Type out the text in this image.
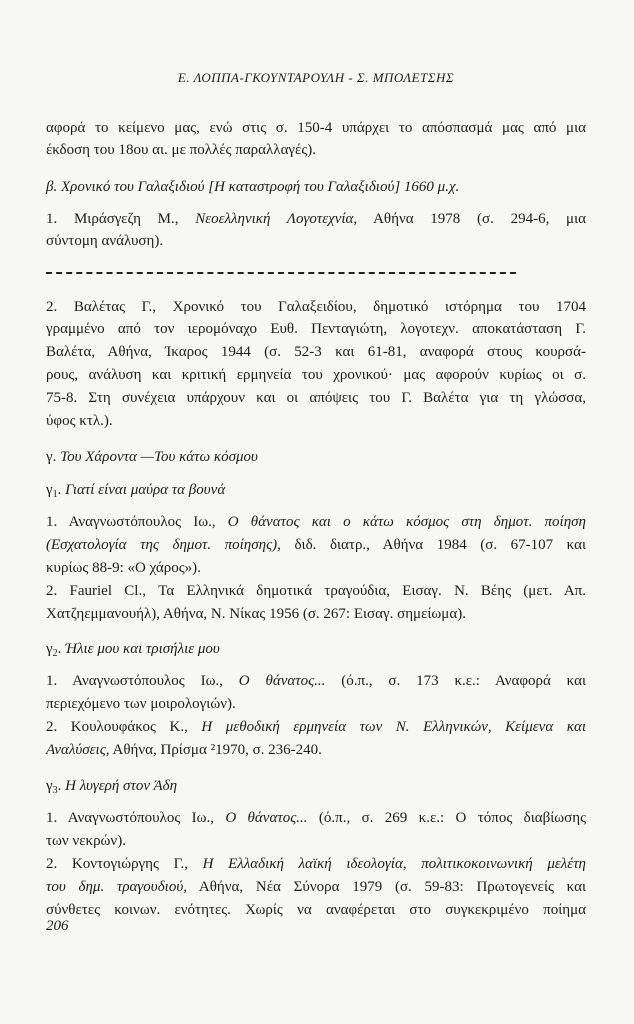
Ε. ΛΟΠΠΑ-ΓΚΟΥΝΤΑΡΟΥΛΗ - Σ. ΜΠΟΛΕΤΣΗΣ
αφορά το κείμενο μας, ενώ στις σ. 150-4 υπάρχει το απόσπασμά μας από μια
έκδοση του 18ου αι. με πολλές παραλλαγές).
β. Χρονικό του Γαλαξιδιού [Η καταστροφή του Γαλαξιδιού] 1660 μ.χ.
1. Μιράσγεζη Μ., Νεοελληνική Λογοτεχνία, Αθήνα 1978 (σ. 294-6, μια
σύντομη ανάλυση).
2. Βαλέτας Γ., Χρονικό του Γαλαξειδίου, δημοτικό ιστόρημα του 1704
γραμμένο από τον ιερομόναχο Ευθ. Πενταγιώτη, λογοτεχν. αποκατάσταση Γ.
Βαλέτα, Αθήνα, Ίκαρος 1944 (σ. 52-3 και 61-81, αναφορά στους κουρσά-
ρους, ανάλυση και κριτική ερμηνεία του χρονικού· μας αφορούν κυρίως οι σ.
75-8. Στη συνέχεια υπάρχουν και οι απόψεις του Γ. Βαλέτα για τη γλώσσα,
ύφος κτλ.).
γ. Του Χάροντα —Του κάτω κόσμου
$\gamma_1$. Γιατί είναι μαύρα τα βουνά
1. Αναγνωστόπουλος Ιω., Ο θάνατος και ο κάτω κόσμος στη δημοτ. ποίηση
(Εσχατολογία της δημοτ. ποίησης), διδ. διατρ., Αθήνα 1984 (σ. 67-107 και
κυρίως 88-9: «Ο χάρος»).
2. Fauriel Cl., Τα Ελληνικά δημοτικά τραγούδια, Εισαγ. Ν. Βέης (μετ. Απ.
Χατζηεμμανουήλ), Αθήνα, Ν. Νίκας 1956 (σ. 267: Εισαγ. σημείωμα).
$\gamma_2$. Ήλιε μου και τρισήλιε μου
1. Αναγνωστόπουλος Ιω., Ο θάνατος... (ό.π., σ. 173 κ.ε.: Αναφορά και
περιεχόμενο των μοιρολογιών).
2. Κουλουφάκος Κ., Η μεθοδική ερμηνεία των Ν. Ελληνικών, Κείμενα και
Αναλύσεις, Αθήνα, Πρίσμα ²1970, σ. 236-240.
$\gamma_3$. Η λυγερή στον Άδη
1. Αναγνωστόπουλος Ιω., Ο θάνατος... (ό.π., σ. 269 κ.ε.: Ο τόπος διαβίωσης
των νεκρών).
2. Κοντογιώργης Γ., Η Ελλαδική λαϊκή ιδεολογία, πολιτικοκοινωνική μελέτη
του δημ. τραγουδιού, Αθήνα, Νέα Σύνορα 1979 (σ. 59-83: Πρωτογενείς και
σύνθετες κοινων. ενότητες. Χωρίς να αναφέρεται στο συγκεκριμένο ποίημα
206
